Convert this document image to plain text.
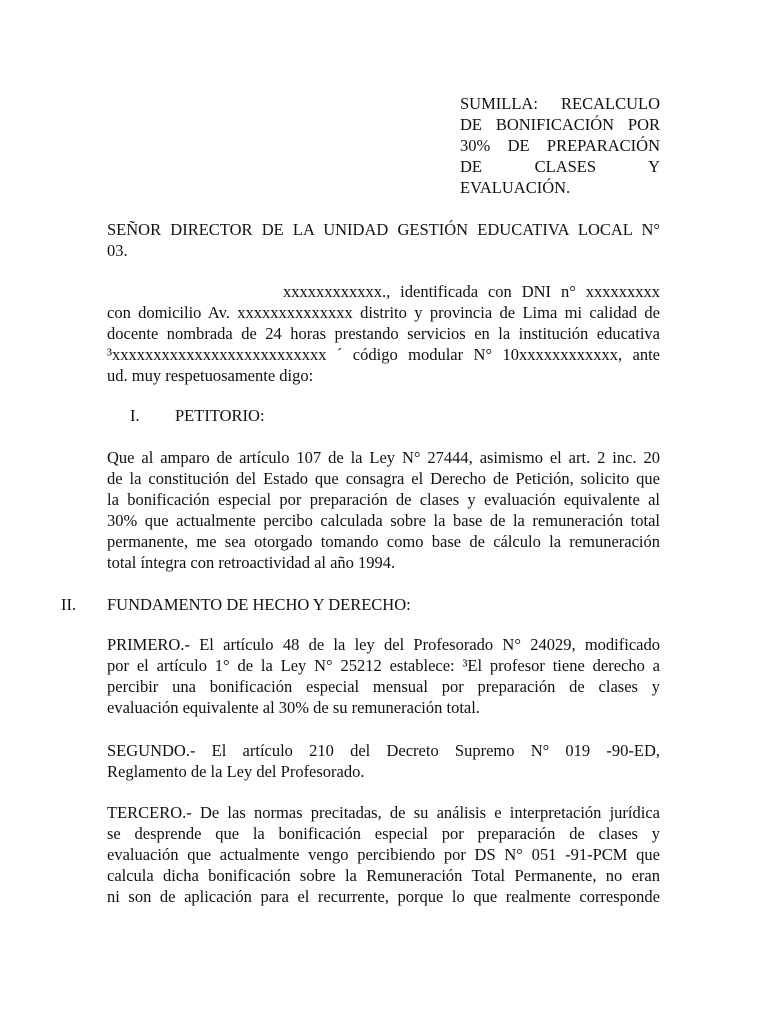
SUMILLA: RECALCULO
DE BONIFICACIÓN POR
30% DE PREPARACIÓN
DE CLASES Y
EVALUACIÓN.
SEÑOR DIRECTOR DE LA UNIDAD GESTIÓN EDUCATIVA LOCAL N°
03.
xxxxxxxxxxxx., identificada con DNI n° xxxxxxxxx
con domicilio Av. xxxxxxxxxxxxxx distrito y provincia de Lima mi calidad de
docente nombrada de 24 horas prestando servicios en la institución educativa
³xxxxxxxxxxxxxxxxxxxxxxxxxx ´ código modular N° 10xxxxxxxxxxxx, ante
ud. muy respetuosamente digo:
I. PETITORIO:
Que al amparo de artículo 107 de la Ley N° 27444, asimismo el art. 2 inc. 20
de la constitución del Estado que consagra el Derecho de Petición, solicito que
la bonificación especial por preparación de clases y evaluación equivalente al
30% que actualmente percibo calculada sobre la base de la remuneración total
permanente, me sea otorgado tomando como base de cálculo la remuneración
total íntegra con retroactividad al año 1994.
II. FUNDAMENTO DE HECHO Y DERECHO:
PRIMERO.- El artículo 48 de la ley del Profesorado N° 24029, modificado
por el artículo 1° de la Ley N° 25212 establece: ³El profesor tiene derecho a
percibir una bonificación especial mensual por preparación de clases y
evaluación equivalente al 30% de su remuneración total.
SEGUNDO.- El artículo 210 del Decreto Supremo N° 019 -90-ED,
Reglamento de la Ley del Profesorado.
TERCERO.- De las normas precitadas, de su análisis e interpretación jurídica
se desprende que la bonificación especial por preparación de clases y
evaluación que actualmente vengo percibiendo por DS N° 051 -91-PCM que
calcula dicha bonificación sobre la Remuneración Total Permanente, no eran
ni son de aplicación para el recurrente, porque lo que realmente corresponde
